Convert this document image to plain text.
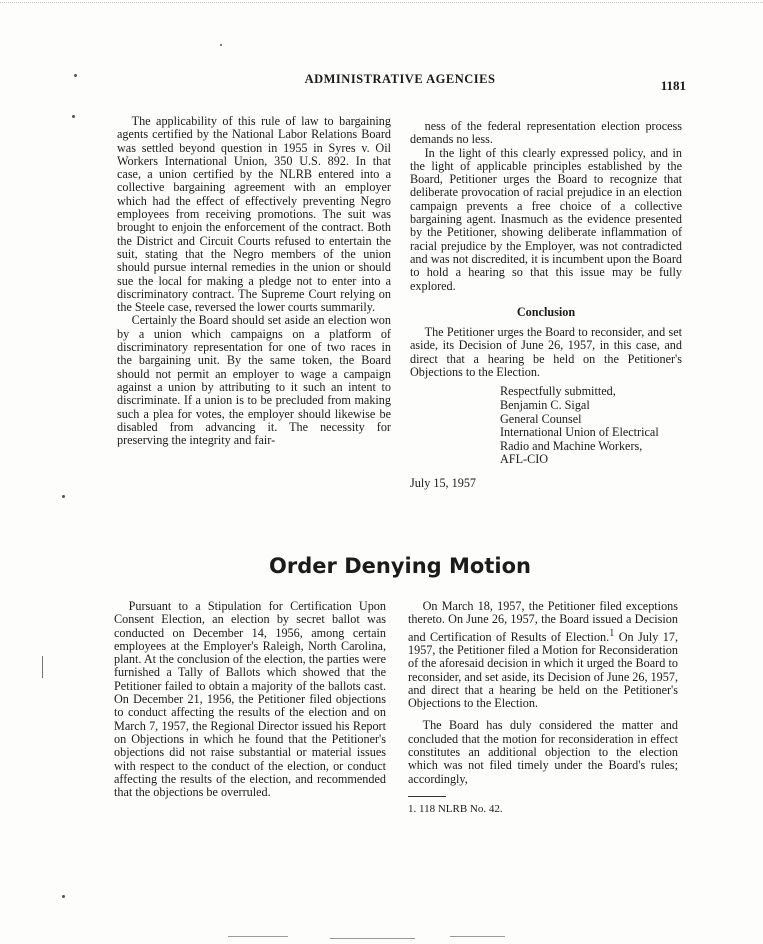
ADMINISTRATIVE AGENCIES	1181

The applicability of this rule of law to bargaining agents certified by the National Labor Relations Board was settled beyond question in 1955 in Syres v. Oil Workers International Union, 350 U.S. 892. In that case, a union certified by the NLRB entered into a collective bargaining agreement with an employer which had the effect of effectively preventing Negro employees from receiving promotions. The suit was brought to enjoin the enforcement of the contract. Both the District and Circuit Courts refused to entertain the suit, stating that the Negro members of the union should pursue internal remedies in the union or should sue the local for making a pledge not to enter into a discriminatory contract. The Supreme Court relying on the Steele case, reversed the lower courts summarily.

Certainly the Board should set aside an election won by a union which campaigns on a platform of discriminatory representation for one of two races in the bargaining unit. By the same token, the Board should not permit an employer to wage a campaign against a union by attributing to it such an intent to discriminate. If a union is to be precluded from making such a plea for votes, the employer should likewise be disabled from advancing it. The necessity for preserving the integrity and fair-

ness of the federal representation election process demands no less.

In the light of this clearly expressed policy, and in the light of applicable principles established by the Board, Petitioner urges the Board to recognize that deliberate provocation of racial prejudice in an election campaign prevents a free choice of a collective bargaining agent. Inasmuch as the evidence presented by the Petitioner, showing deliberate inflammation of racial prejudice by the Employer, was not contradicted and was not discredited, it is incumbent upon the Board to hold a hearing so that this issue may be fully explored.

Conclusion

The Petitioner urges the Board to reconsider, and set aside, its Decision of June 26, 1957, in this case, and direct that a hearing be held on the Petitioner's Objections to the Election.

Respectfully submitted,
Benjamin C. Sigal
General Counsel
International Union of Electrical
Radio and Machine Workers,
AFL-CIO
July 15, 1957
Order Denying Motion

Pursuant to a Stipulation for Certification Upon Consent Election, an election by secret ballot was conducted on December 14, 1956, among certain employees at the Employer's Raleigh, North Carolina, plant. At the conclusion of the election, the parties were furnished a Tally of Ballots which showed that the Petitioner failed to obtain a majority of the ballots cast. On December 21, 1956, the Petitioner filed objections to conduct affecting the results of the election and on March 7, 1957, the Regional Director issued his Report on Objections in which he found that the Petitioner's objections did not raise substantial or material issues with respect to the conduct of the election, or conduct affecting the results of the election, and recommended that the objections be overruled.

On March 18, 1957, the Petitioner filed exceptions thereto. On June 26, 1957, the Board issued a Decision and Certification of Results of Election.$^1$ On July 17, 1957, the Petitioner filed a Motion for Reconsideration of the aforesaid decision in which it urged the Board to reconsider, and set aside, its Decision of June 26, 1957, and direct that a hearing be held on the Petitioner's Objections to the Election.

The Board has duly considered the matter and concluded that the motion for reconsideration in effect constitutes an additional objection to the election which was not filed timely under the Board's rules; accordingly,

1. 118 NLRB No. 42.
